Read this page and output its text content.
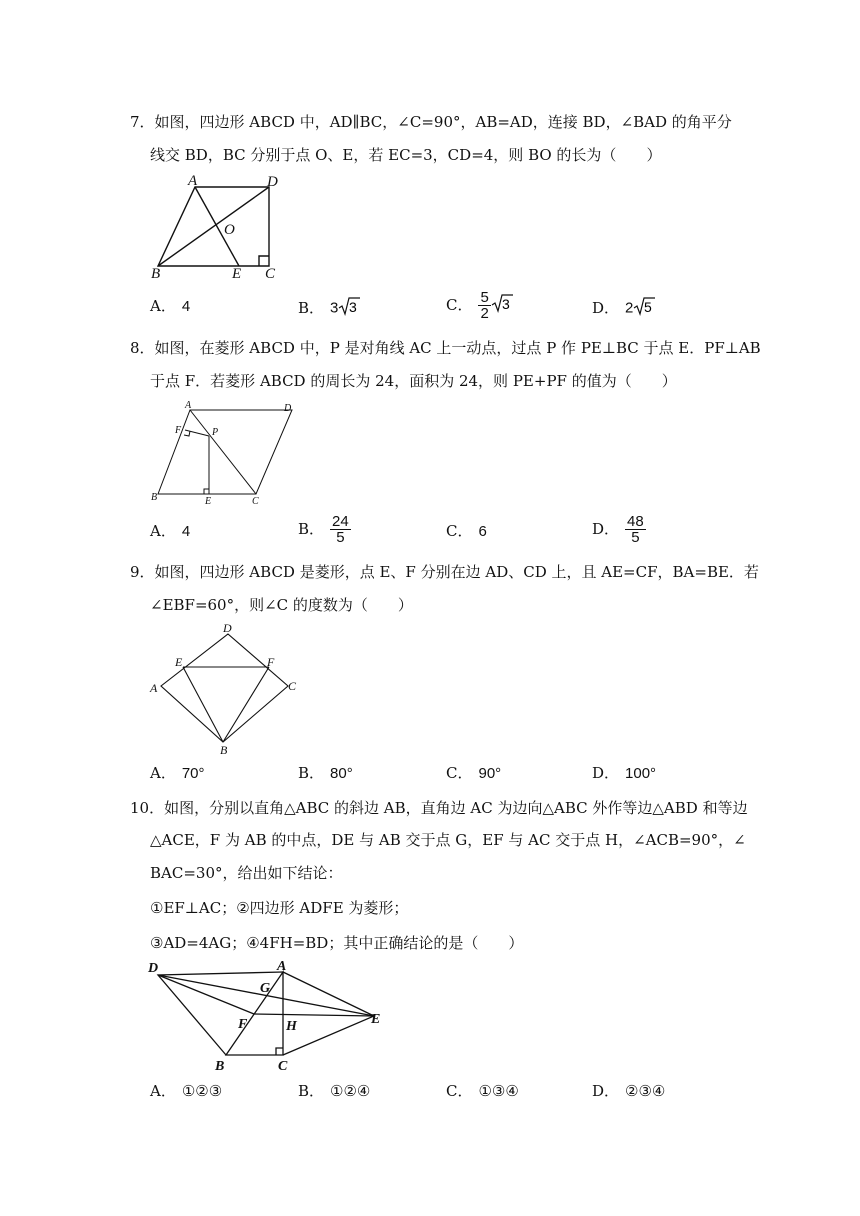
7．如图，四边形 ABCD 中，AD∥BC，∠C=90°，AB=AD，连接 BD，∠BAD 的角平分
线交 BD，BC 分别于点 O、E，若 EC=3，CD=4，则 BO 的长为（　　）
A	D
O
B	E C
A． 4	B． 3 3	C． $\frac{5}{2} 3$	D． 2 5
8．如图，在菱形 ABCD 中，P 是对角线 AC 上一动点，过点 P 作 PE⊥BC 于点 E．PF⊥AB
于点 F．若菱形 ABCD 的周长为 24，面积为 24，则 PE+PF 的值为（　　）
A	D
F	P
B	E	C
A． 4	B． $\frac{24}{5}$	C． 6	D． $\frac{48}{5}$
9．如图，四边形 ABCD 是菱形，点 E、F 分别在边 AD、CD 上，且 AE=CF，BA=BE．若
∠EBF=60°，则∠C 的度数为（　　）
D
E	F
A	C
B
A． 70°	B． 80°	C． 90°	D． 100°
10．如图，分别以直角△ABC 的斜边 AB，直角边 AC 为边向△ABC 外作等边△ABD 和等边
△ACE，F 为 AB 的中点，DE 与 AB 交于点 G，EF 与 AC 交于点 H，∠ACB=90°，∠
BAC=30°，给出如下结论：
①EF⊥AC；②四边形 ADFE 为菱形；
③AD=4AG；④4FH=BD；其中正确结论的是（　　）
D	A
G
F	H	E
B	C
A． ①②③	B． ①②④	C． ①③④	D． ②③④
